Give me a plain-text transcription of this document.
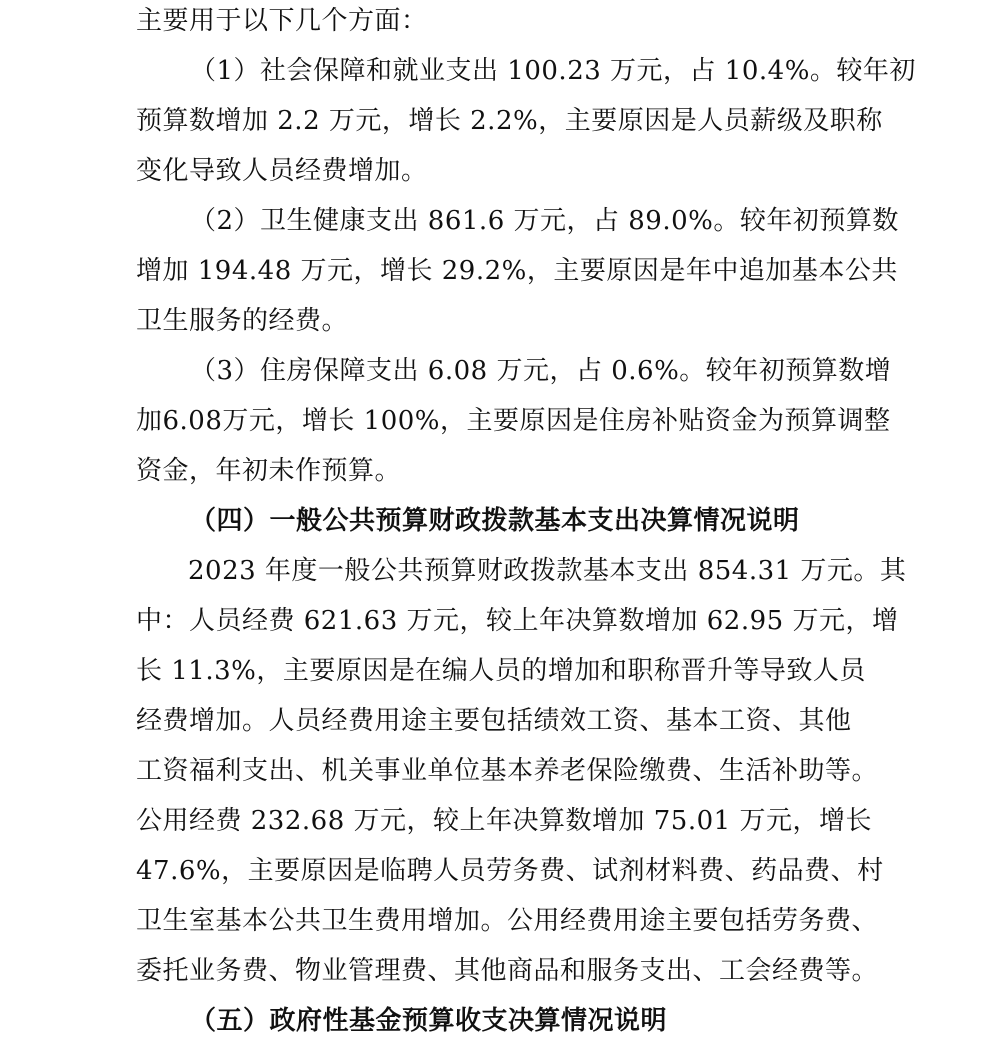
主要用于以下几个方面：
（1）社会保障和就业支出 100.23 万元，占 10.4%。较年初
预算数增加 2.2 万元，增长 2.2%，主要原因是人员薪级及职称
变化导致人员经费增加。
（2）卫生健康支出 861.6 万元，占 89.0%。较年初预算数
增加 194.48 万元，增长 29.2%，主要原因是年中追加基本公共
卫生服务的经费。
（3）住房保障支出 6.08 万元，占 0.6%。较年初预算数增
加6.08万元，增长 100%，主要原因是住房补贴资金为预算调整
资金，年初未作预算。
（四）一般公共预算财政拨款基本支出决算情况说明
2023 年度一般公共预算财政拨款基本支出 854.31 万元。其
中：人员经费 621.63 万元，较上年决算数增加 62.95 万元，增
长 11.3%，主要原因是在编人员的增加和职称晋升等导致人员
经费增加。人员经费用途主要包括绩效工资、基本工资、其他
工资福利支出、机关事业单位基本养老保险缴费、生活补助等。
公用经费 232.68 万元，较上年决算数增加 75.01 万元，增长
47.6%，主要原因是临聘人员劳务费、试剂材料费、药品费、村
卫生室基本公共卫生费用增加。公用经费用途主要包括劳务费、
委托业务费、物业管理费、其他商品和服务支出、工会经费等。
（五）政府性基金预算收支决算情况说明
